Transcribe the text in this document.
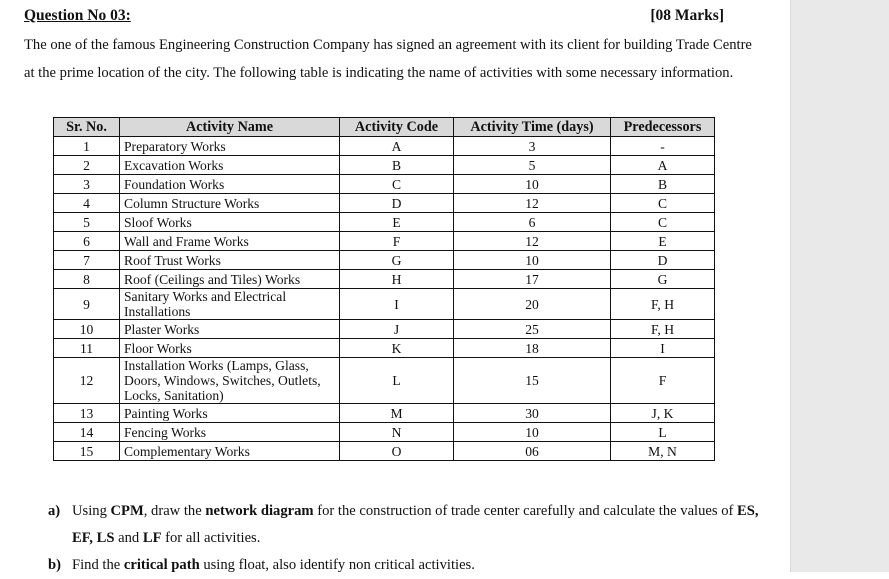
Question No 03:	[08 Marks]

The one of the famous Engineering Construction Company has signed an agreement with its client for building Trade Centre at the prime location of the city. The following table is indicating the name of activities with some necessary information.

Sr. No.	Activity Name	Activity Code	Activity Time (days)	Predecessors
1	Preparatory Works	A	3	-
2	Excavation Works	B	5	A
3	Foundation Works	C	10	B
4	Column Structure Works	D	12	C
5	Sloof Works	E	6	C
6	Wall and Frame Works	F	12	E
7	Roof Trust Works	G	10	D
8	Roof (Ceilings and Tiles) Works	H	17	G
9	Sanitary Works and Electrical Installations	I	20	F, H
10	Plaster Works	J	25	F, H
11	Floor Works	K	18	I
12	Installation Works (Lamps, Glass, Doors, Windows, Switches, Outlets, Locks, Sanitation)	L	15	F
13	Painting Works	M	30	J, K
14	Fencing Works	N	10	L
15	Complementary Works	O	06	M, N
a) Using CPM, draw the network diagram for the construction of trade center carefully and calculate the values of ES, EF, LS and LF for all activities.
b) Find the critical path using float, also identify non critical activities.
